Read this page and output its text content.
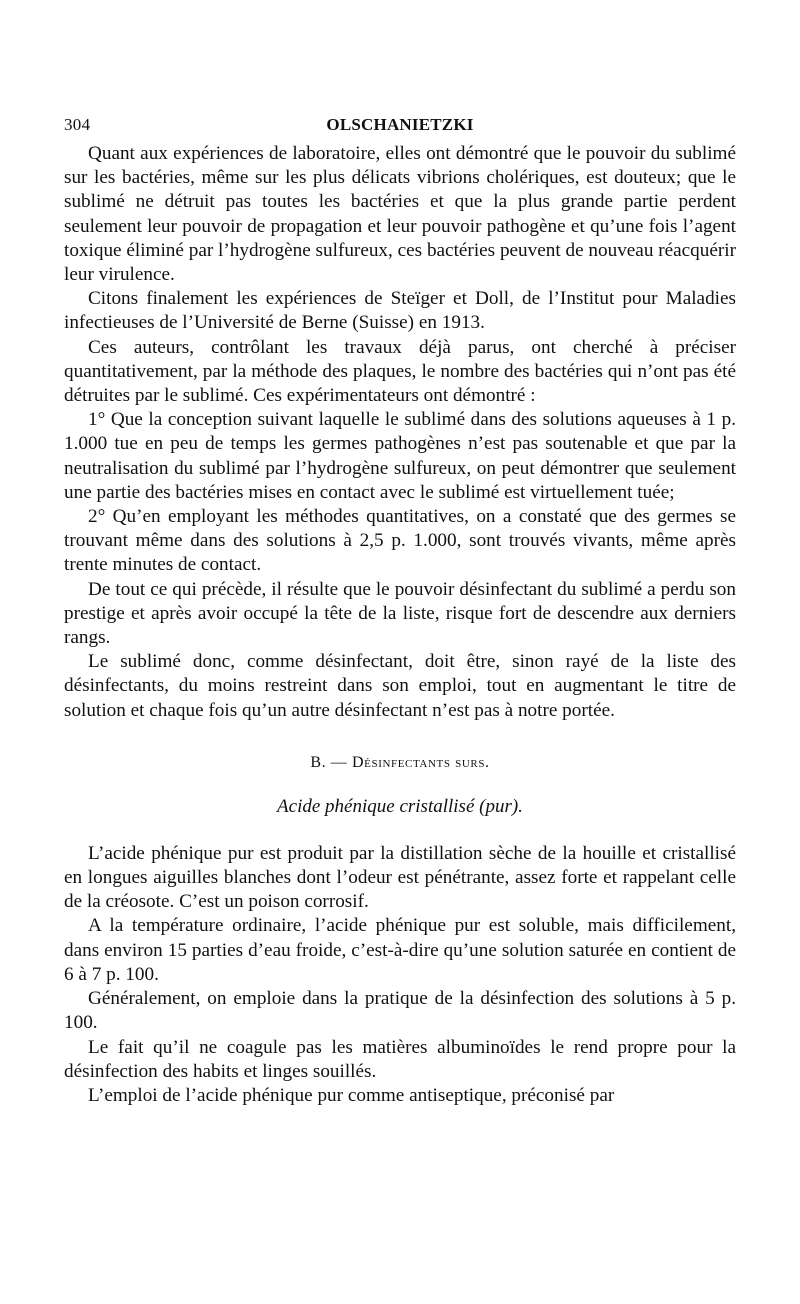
304	OLSCHANIETZKI

Quant aux expériences de laboratoire, elles ont démontré que le pouvoir du sublimé sur les bactéries, même sur les plus délicats vibrions cholériques, est douteux; que le sublimé ne détruit pas toutes les bactéries et que la plus grande partie perdent seulement leur pouvoir de propagation et leur pouvoir pathogène et qu’une fois l’agent toxique éliminé par l’hydrogène sulfureux, ces bactéries peuvent de nouveau réacquérir leur virulence.

Citons finalement les expériences de Steïger et Doll, de l’Institut pour Maladies infectieuses de l’Université de Berne (Suisse) en 1913.

Ces auteurs, contrôlant les travaux déjà parus, ont cherché à préciser quantitativement, par la méthode des plaques, le nombre des bactéries qui n’ont pas été détruites par le sublimé. Ces expérimentateurs ont démontré :

1° Que la conception suivant laquelle le sublimé dans des solutions aqueuses à 1 p. 1.000 tue en peu de temps les germes pathogènes n’est pas soutenable et que par la neutralisation du sublimé par l’hydrogène sulfureux, on peut démontrer que seulement une partie des bactéries mises en contact avec le sublimé est virtuellement tuée;

2° Qu’en employant les méthodes quantitatives, on a constaté que des germes se trouvant même dans des solutions à 2,5 p. 1.000, sont trouvés vivants, même après trente minutes de contact.

De tout ce qui précède, il résulte que le pouvoir désinfectant du sublimé a perdu son prestige et après avoir occupé la tête de la liste, risque fort de descendre aux derniers rangs.

Le sublimé donc, comme désinfectant, doit être, sinon rayé de la liste des désinfectants, du moins restreint dans son emploi, tout en augmentant le titre de solution et chaque fois qu’un autre désinfectant n’est pas à notre portée.

B. — Désinfectants surs.
Acide phénique cristallisé (pur).

L’acide phénique pur est produit par la distillation sèche de la houille et cristallisé en longues aiguilles blanches dont l’odeur est pénétrante, assez forte et rappelant celle de la créosote. C’est un poison corrosif.

A la température ordinaire, l’acide phénique pur est soluble, mais difficilement, dans environ 15 parties d’eau froide, c’est-à-dire qu’une solution saturée en contient de 6 à 7 p. 100.

Généralement, on emploie dans la pratique de la désinfection des solutions à 5 p. 100.

Le fait qu’il ne coagule pas les matières albuminoïdes le rend propre pour la désinfection des habits et linges souillés.

L’emploi de l’acide phénique pur comme antiseptique, préconisé par
